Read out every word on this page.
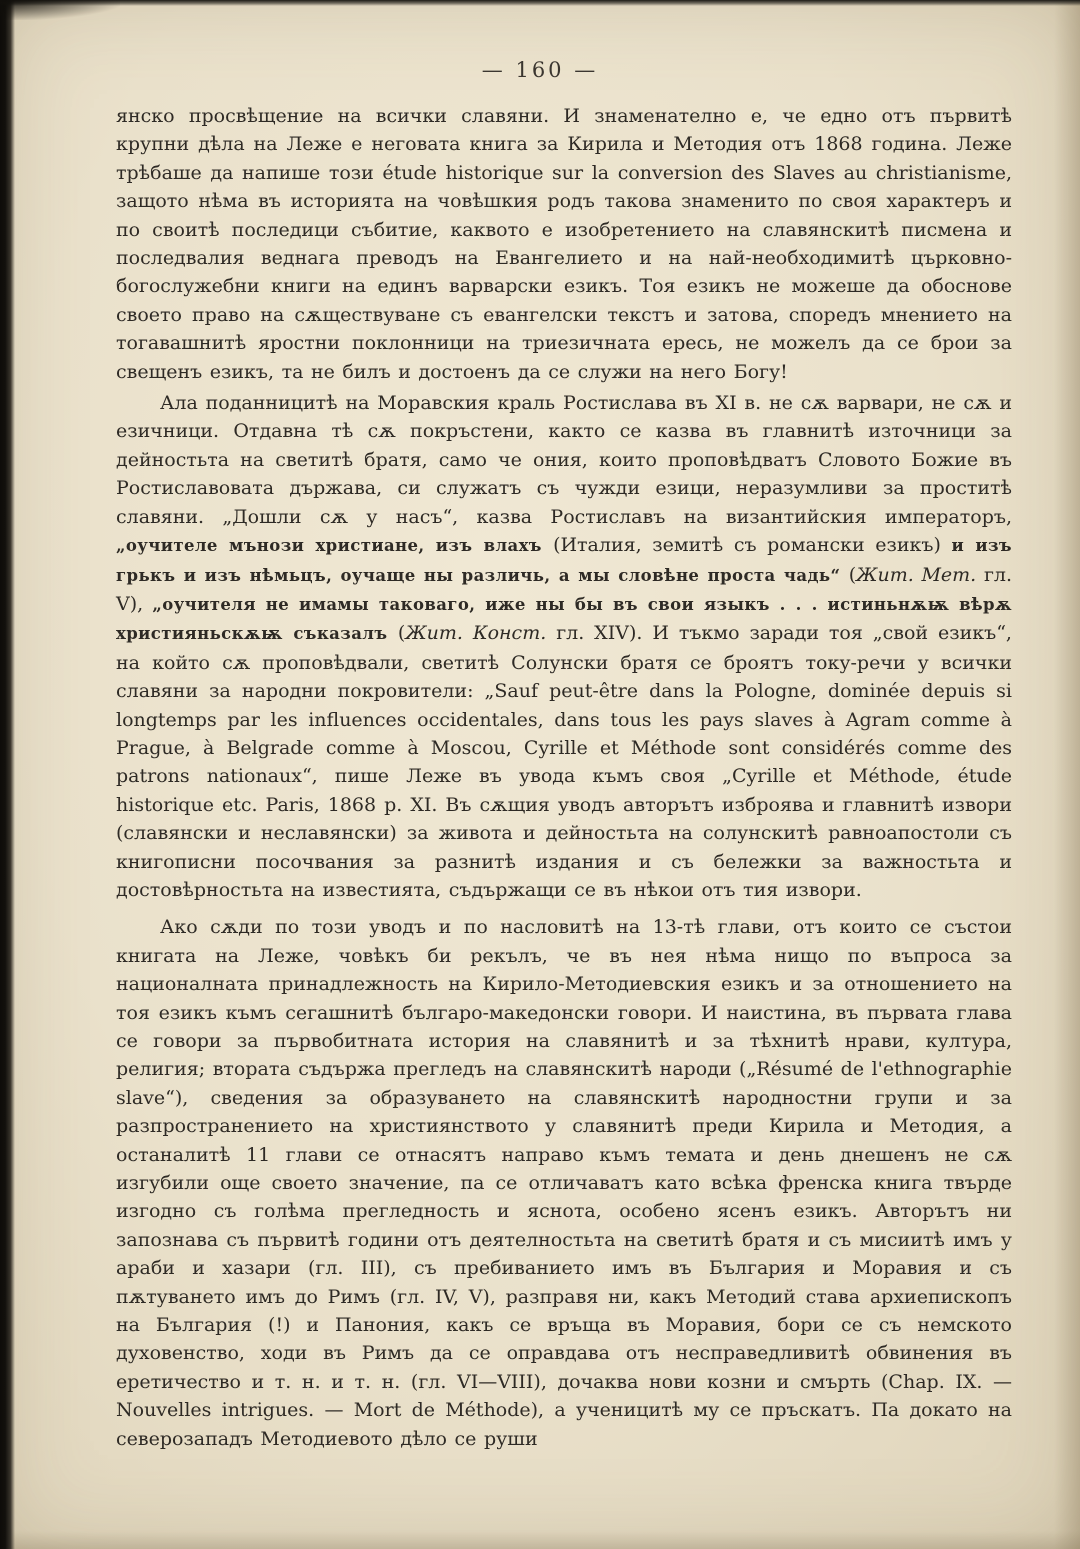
— 160 —

янско просвѣщение на всички славяни. И знаменателно е, че едно отъ първитѣ крупни дѣла на Леже е неговата книга за Кирила и Методия отъ 1868 година. Леже трѣбаше да напише този étude historique sur la conversion des Slaves au christianisme, защото нѣма въ историята на човѣшкия родъ такова знаменито по своя характеръ и по своитѣ последици събитие, каквото е изобретението на славянскитѣ писмена и последвалия веднага преводъ на Евангелието и на най-необходимитѣ църковно-богослужебни книги на единъ варварски езикъ. Тоя езикъ не можеше да обоснове своето право на сѫществуване съ евангелски текстъ и затова, споредъ мнението на тогавашнитѣ яростни поклонници на триезичната ересь, не можелъ да се брои за свещенъ езикъ, та не билъ и достоенъ да се служи на него Богу!

Ала поданницитѣ на Моравския краль Ростислава въ XI в. не сѫ варвари, не сѫ и езичници. Отдавна тѣ сѫ покръстени, както се казва въ главнитѣ източници за дейностьта на светитѣ братя, само че ония, които проповѣдватъ Словото Божие въ Ростиславовата държава, си служатъ съ чужди езици, неразумливи за проститѣ славяни. „Дошли сѫ у насъ“, казва Ростиславъ на византийския императоръ, „оучителе мънози христиане, изъ влахъ (Италия, земитѣ съ романски езикъ) и изъ грькъ и изъ нѣмьцъ, оучаще ны различь, а мы словѣне проста чадь“ (Жит. Мет. гл. V), „оучителя не имамы таковаго, иже ны бы въ свои языкъ . . . истиньнѫѭ вѣрѫ християньскѫѭ съказалъ (Жит. Конст. гл. XIV). И тъкмо заради тоя „свой езикъ“, на който сѫ проповѣдвали, светитѣ Солунски братя се броятъ току-речи у всички славяни за народни покровители: „Sauf peut-être dans la Pologne, dominée depuis si longtemps par les influences occidentales, dans tous les pays slaves à Agram comme à Prague, à Belgrade comme à Moscou, Cyrille et Méthode sont considérés comme des patrons nationaux“, пише Леже въ увода къмъ своя „Cyrille et Méthode, étude historique etc. Paris, 1868 p. XI. Въ сѫщия уводъ авторътъ изброява и главнитѣ извори (славянски и неславянски) за живота и дейностьта на солунскитѣ равноапостоли съ книгописни посочвания за разнитѣ издания и съ бележки за важностьта и достовѣрностьта на известията, съдържащи се въ нѣкои отъ тия извори.

Ако сѫди по този уводъ и по насловитѣ на 13-тѣ глави, отъ които се състои книгата на Леже, човѣкъ би рекълъ, че въ нея нѣма нищо по въпроса за националната принадлежность на Кирило-Методиевския езикъ и за отношението на тоя езикъ къмъ сегашнитѣ българо-македонски говори. И наистина, въ първата глава се говори за първобитната история на славянитѣ и за тѣхнитѣ нрави, култура, религия; втората съдържа прегледъ на славянскитѣ народи („Résumé de l'ethnographie slave“), сведения за образуването на славянскитѣ народностни групи и за разпространението на християнството у славянитѣ преди Кирила и Методия, а останалитѣ 11 глави се отнасятъ направо къмъ темата и день днешенъ не сѫ изгубили още своето значение, па се отличаватъ като всѣка френска книга твърде изгодно съ голѣма прегледность и яснота, особено ясенъ езикъ. Авторътъ ни запознава съ първитѣ години отъ деятелностьта на светитѣ братя и съ мисиитѣ имъ у араби и хазари (гл. III), съ пребиванието имъ въ България и Моравия и съ пѫтуването имъ до Римъ (гл. IV, V), разправя ни, какъ Методий става архиепископъ на България (!) и Панония, какъ се връща въ Моравия, бори се съ немското духовенство, ходи въ Римъ да се оправдава отъ несправедливитѣ обвинения въ еретичество и т. н. и т. н. (гл. VI—VIII), дочаква нови козни и смърть (Chap. IX. — Nouvelles intrigues. — Mort de Méthode), а ученицитѣ му се пръскатъ. Па докато на северозападъ Методиевото дѣло се руши
